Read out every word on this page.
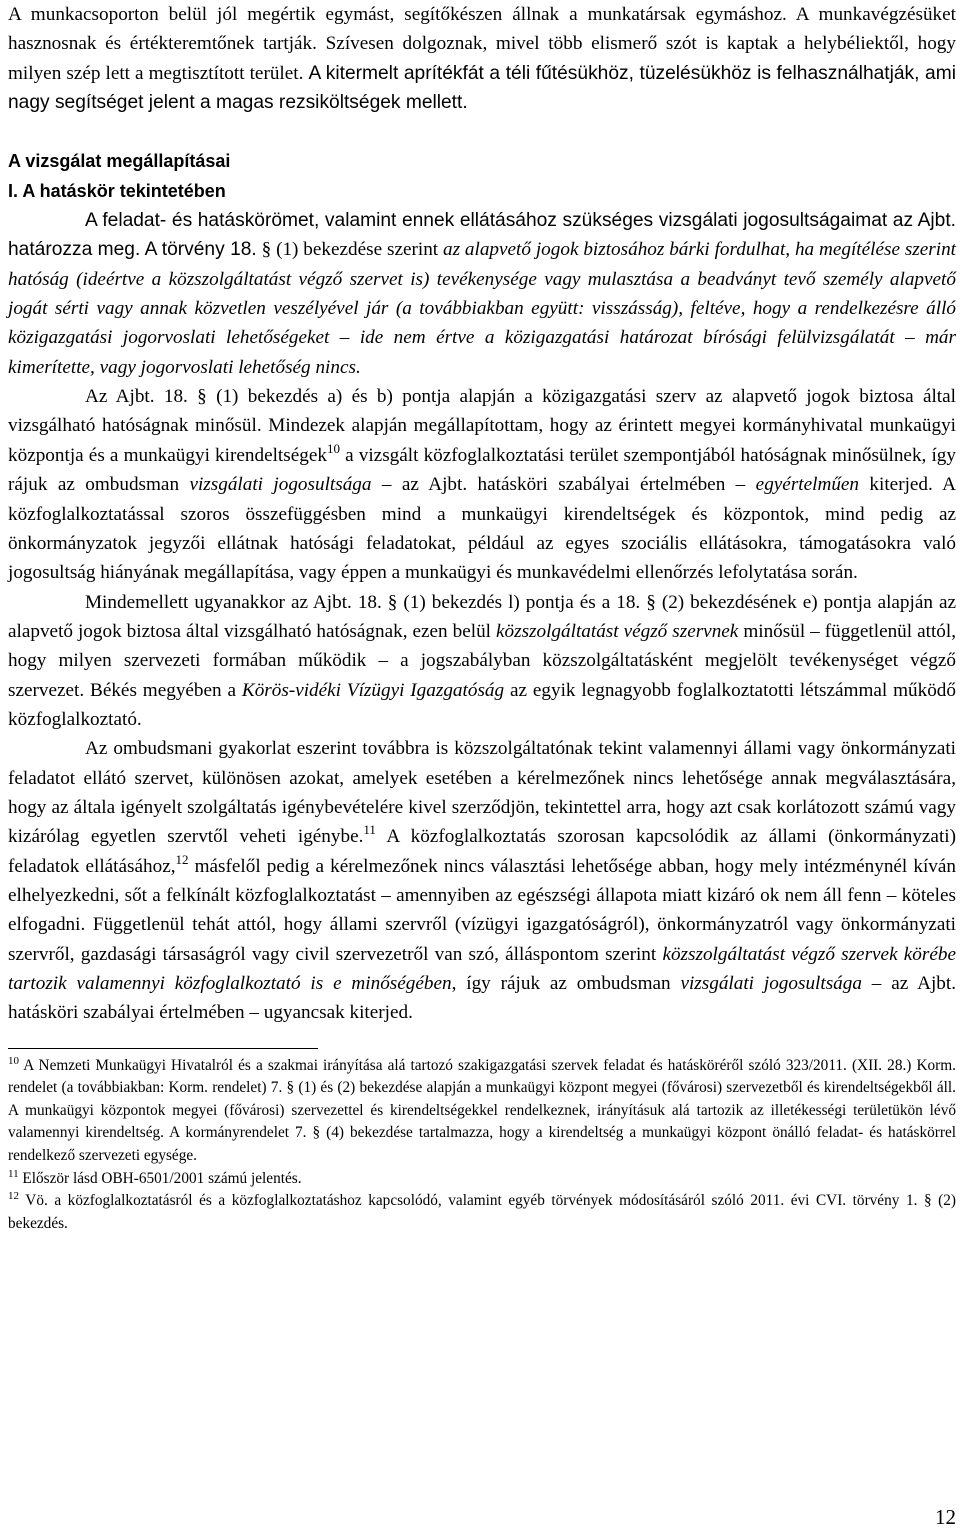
A munkacsoporton belül jól megértik egymást, segítőkészen állnak a munkatársak egymáshoz. A munkavégzésüket hasznosnak és értékteremtőnek tartják. Szívesen dolgoznak, mivel több elismerő szót is kaptak a helybéliektől, hogy milyen szép lett a megtisztított terület. A kitermelt aprítékfát a téli fűtésükhöz, tüzelésükhöz is felhasználhatják, ami nagy segítséget jelent a magas rezsiköltségek mellett.

A vizsgálat megállapításai

I. A hatáskör tekintetében

A feladat- és hatáskörömet, valamint ennek ellátásához szükséges vizsgálati jogosultságaimat az Ajbt. határozza meg. A törvény 18. § (1) bekezdése szerint az alapvető jogok biztosához bárki fordulhat, ha megítélése szerint hatóság (ideértve a közszolgáltatást végző szervet is) tevékenysége vagy mulasztása a beadványt tevő személy alapvető jogát sérti vagy annak közvetlen veszélyével jár (a továbbiakban együtt: visszásság), feltéve, hogy a rendelkezésre álló közigazgatási jogorvoslati lehetőségeket – ide nem értve a közigazgatási határozat bírósági felülvizsgálatát – már kimerítette, vagy jogorvoslati lehetőség nincs.

Az Ajbt. 18. § (1) bekezdés a) és b) pontja alapján a közigazgatási szerv az alapvető jogok biztosa által vizsgálható hatóságnak minősül. Mindezek alapján megállapítottam, hogy az érintett megyei kormányhivatal munkaügyi központja és a munkaügyi kirendeltségek$^{10}$ a vizsgált közfoglalkoztatási terület szempontjából hatóságnak minősülnek, így rájuk az ombudsman vizsgálati jogosultsága – az Ajbt. hatásköri szabályai értelmében – egyértelműen kiterjed. A közfoglalkoztatással szoros összefüggésben mind a munkaügyi kirendeltségek és központok, mind pedig az önkormányzatok jegyzői ellátnak hatósági feladatokat, például az egyes szociális ellátásokra, támogatásokra való jogosultság hiányának megállapítása, vagy éppen a munkaügyi és munkavédelmi ellenőrzés lefolytatása során.

Mindemellett ugyanakkor az Ajbt. 18. § (1) bekezdés l) pontja és a 18. § (2) bekezdésének e) pontja alapján az alapvető jogok biztosa által vizsgálható hatóságnak, ezen belül közszolgáltatást végző szervnek minősül – függetlenül attól, hogy milyen szervezeti formában működik – a jogszabályban közszolgáltatásként megjelölt tevékenységet végző szervezet. Békés megyében a Körös-vidéki Vízügyi Igazgatóság az egyik legnagyobb foglalkoztatotti létszámmal működő közfoglalkoztató.

Az ombudsmani gyakorlat eszerint továbbra is közszolgáltatónak tekint valamennyi állami vagy önkormányzati feladatot ellátó szervet, különösen azokat, amelyek esetében a kérelmezőnek nincs lehetősége annak megválasztására, hogy az általa igényelt szolgáltatás igénybevételére kivel szerződjön, tekintettel arra, hogy azt csak korlátozott számú vagy kizárólag egyetlen szervtől veheti igénybe.$^{11}$ A közfoglalkoztatás szorosan kapcsolódik az állami (önkormányzati) feladatok ellátásához,$^{12}$ másfelől pedig a kérelmezőnek nincs választási lehetősége abban, hogy mely intézménynél kíván elhelyezkedni, sőt a felkínált közfoglalkoztatást – amennyiben az egészségi állapota miatt kizáró ok nem áll fenn – köteles elfogadni. Függetlenül tehát attól, hogy állami szervről (vízügyi igazgatóságról), önkormányzatról vagy önkormányzati szervről, gazdasági társaságról vagy civil szervezetről van szó, álláspontom szerint közszolgáltatást végző szervek körébe tartozik valamennyi közfoglalkoztató is e minőségében, így rájuk az ombudsman vizsgálati jogosultsága – az Ajbt. hatásköri szabályai értelmében – ugyancsak kiterjed.

$^{10}$ A Nemzeti Munkaügyi Hivatalról és a szakmai irányítása alá tartozó szakigazgatási szervek feladat és hatásköréről szóló 323/2011. (XII. 28.) Korm. rendelet (a továbbiakban: Korm. rendelet) 7. § (1) és (2) bekezdése alapján a munkaügyi központ megyei (fővárosi) szervezetből és kirendeltségekből áll. A munkaügyi központok megyei (fővárosi) szervezettel és kirendeltségekkel rendelkeznek, irányításuk alá tartozik az illetékességi területükön lévő valamennyi kirendeltség. A kormányrendelet 7. § (4) bekezdése tartalmazza, hogy a kirendeltség a munkaügyi központ önálló feladat- és hatáskörrel rendelkező szervezeti egysége.

$^{11}$ Először lásd OBH-6501/2001 számú jelentés.

$^{12}$ Vö. a közfoglalkoztatásról és a közfoglalkoztatáshoz kapcsolódó, valamint egyéb törvények módosításáról szóló 2011. évi CVI. törvény 1. § (2) bekezdés.

12
